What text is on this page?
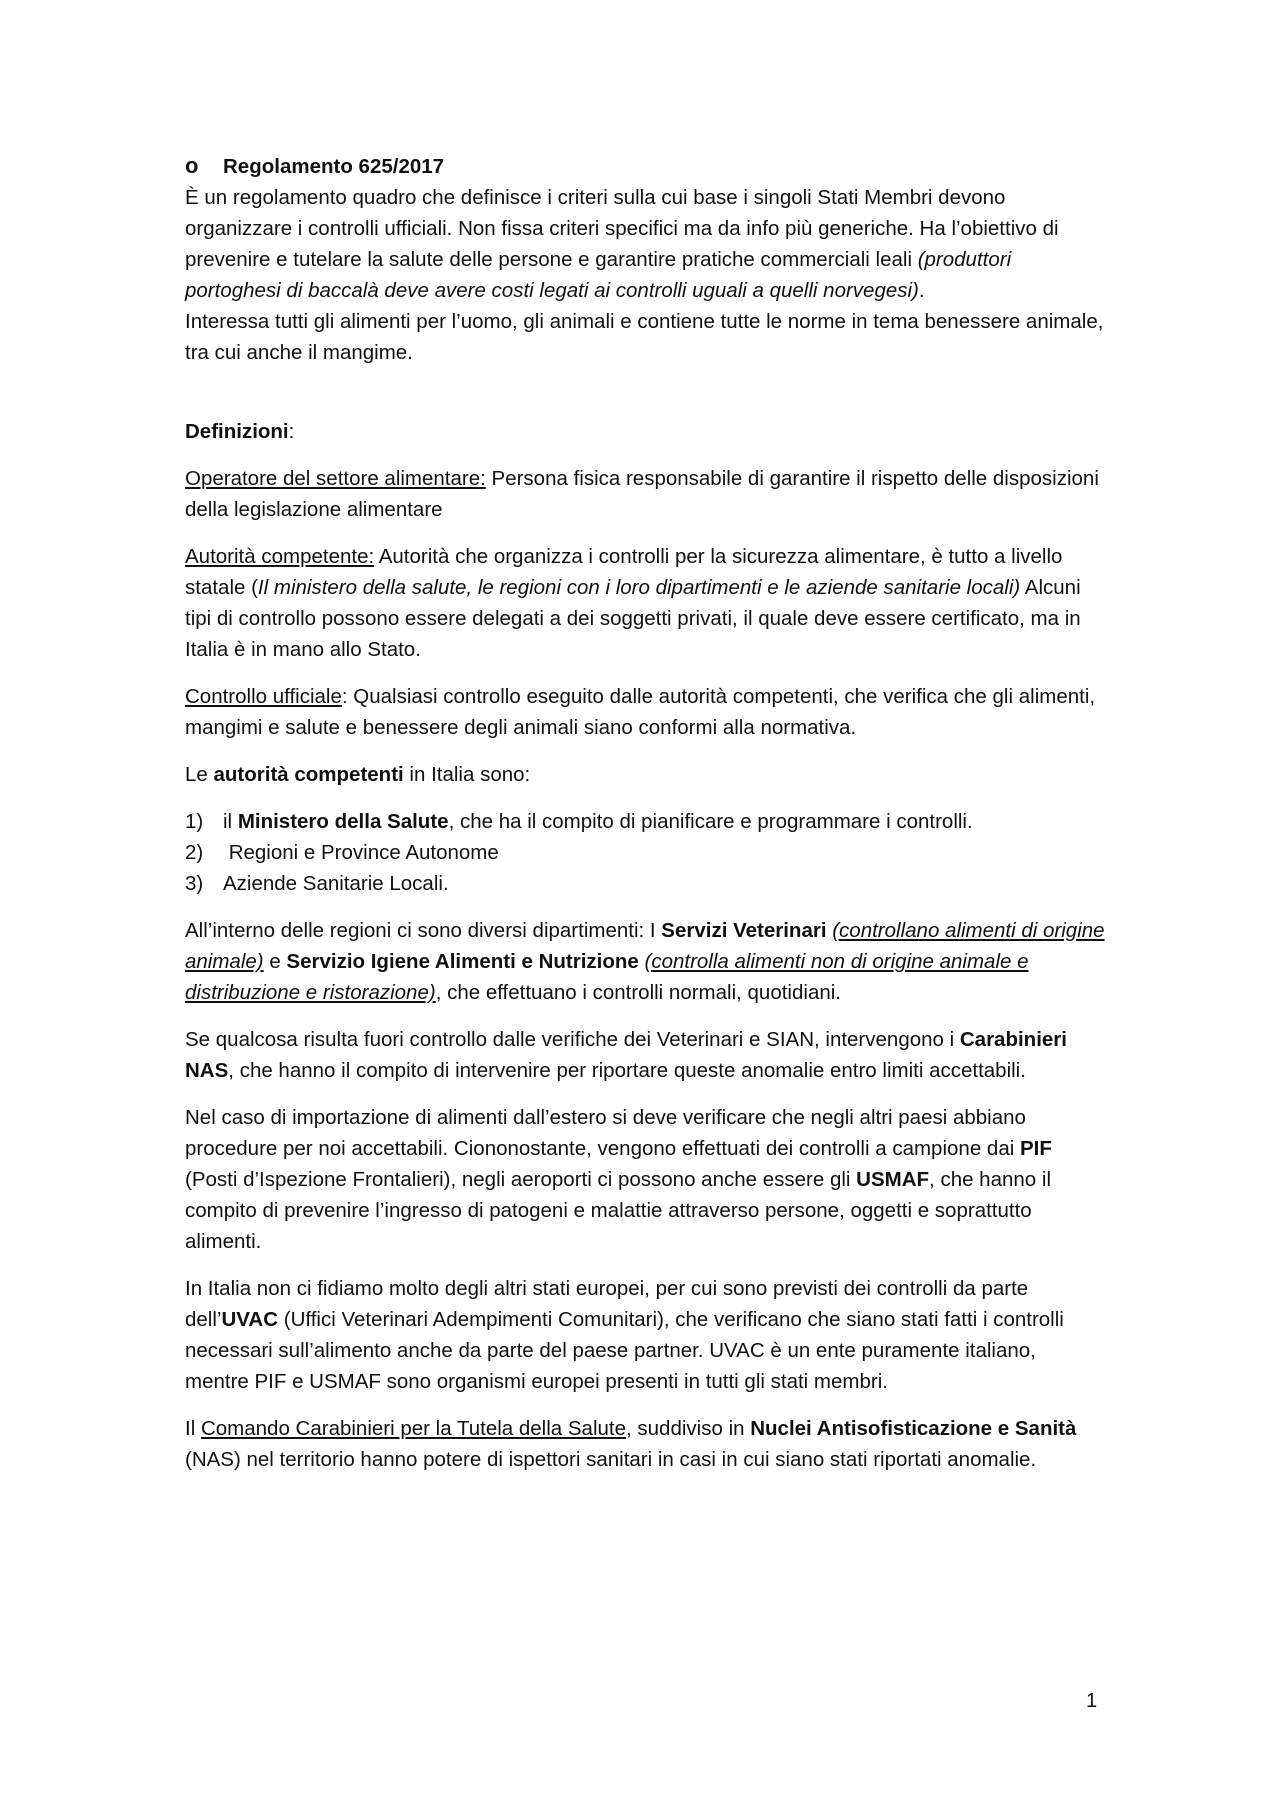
o Regolamento 625/2017

È un regolamento quadro che definisce i criteri sulla cui base i singoli Stati Membri devono organizzare i controlli ufficiali. Non fissa criteri specifici ma da info più generiche. Ha l’obiettivo di prevenire e tutelare la salute delle persone e garantire pratiche commerciali leali (produttori portoghesi di baccalà deve avere costi legati ai controlli uguali a quelli norvegesi).

Interessa tutti gli alimenti per l’uomo, gli animali e contiene tutte le norme in tema benessere animale, tra cui anche il mangime.

Definizioni:

Operatore del settore alimentare: Persona fisica responsabile di garantire il rispetto delle disposizioni della legislazione alimentare

Autorità competente: Autorità che organizza i controlli per la sicurezza alimentare, è tutto a livello statale (Il ministero della salute, le regioni con i loro dipartimenti e le aziende sanitarie locali) Alcuni tipi di controllo possono essere delegati a dei soggetti privati, il quale deve essere certificato, ma in Italia è in mano allo Stato.

Controllo ufficiale: Qualsiasi controllo eseguito dalle autorità competenti, che verifica che gli alimenti, mangimi e salute e benessere degli animali siano conformi alla normativa.

Le autorità competenti in Italia sono:

1) il Ministero della Salute, che ha il compito di pianificare e programmare i controlli.
2) Regioni e Province Autonome
3) Aziende Sanitarie Locali.

All’interno delle regioni ci sono diversi dipartimenti: I Servizi Veterinari (controllano alimenti di origine animale) e Servizio Igiene Alimenti e Nutrizione (controlla alimenti non di origine animale e distribuzione e ristorazione), che effettuano i controlli normali, quotidiani.

Se qualcosa risulta fuori controllo dalle verifiche dei Veterinari e SIAN, intervengono i Carabinieri NAS, che hanno il compito di intervenire per riportare queste anomalie entro limiti accettabili.

Nel caso di importazione di alimenti dall’estero si deve verificare che negli altri paesi abbiano procedure per noi accettabili. Ciononostante, vengono effettuati dei controlli a campione dai PIF (Posti d’Ispezione Frontalieri), negli aeroporti ci possono anche essere gli USMAF, che hanno il compito di prevenire l’ingresso di patogeni e malattie attraverso persone, oggetti e soprattutto alimenti.

In Italia non ci fidiamo molto degli altri stati europei, per cui sono previsti dei controlli da parte dell’UVAC (Uffici Veterinari Adempimenti Comunitari), che verificano che siano stati fatti i controlli necessari sull’alimento anche da parte del paese partner. UVAC è un ente puramente italiano, mentre PIF e USMAF sono organismi europei presenti in tutti gli stati membri.

Il Comando Carabinieri per la Tutela della Salute, suddiviso in Nuclei Antisofisticazione e Sanità (NAS) nel territorio hanno potere di ispettori sanitari in casi in cui siano stati riportati anomalie.

1
